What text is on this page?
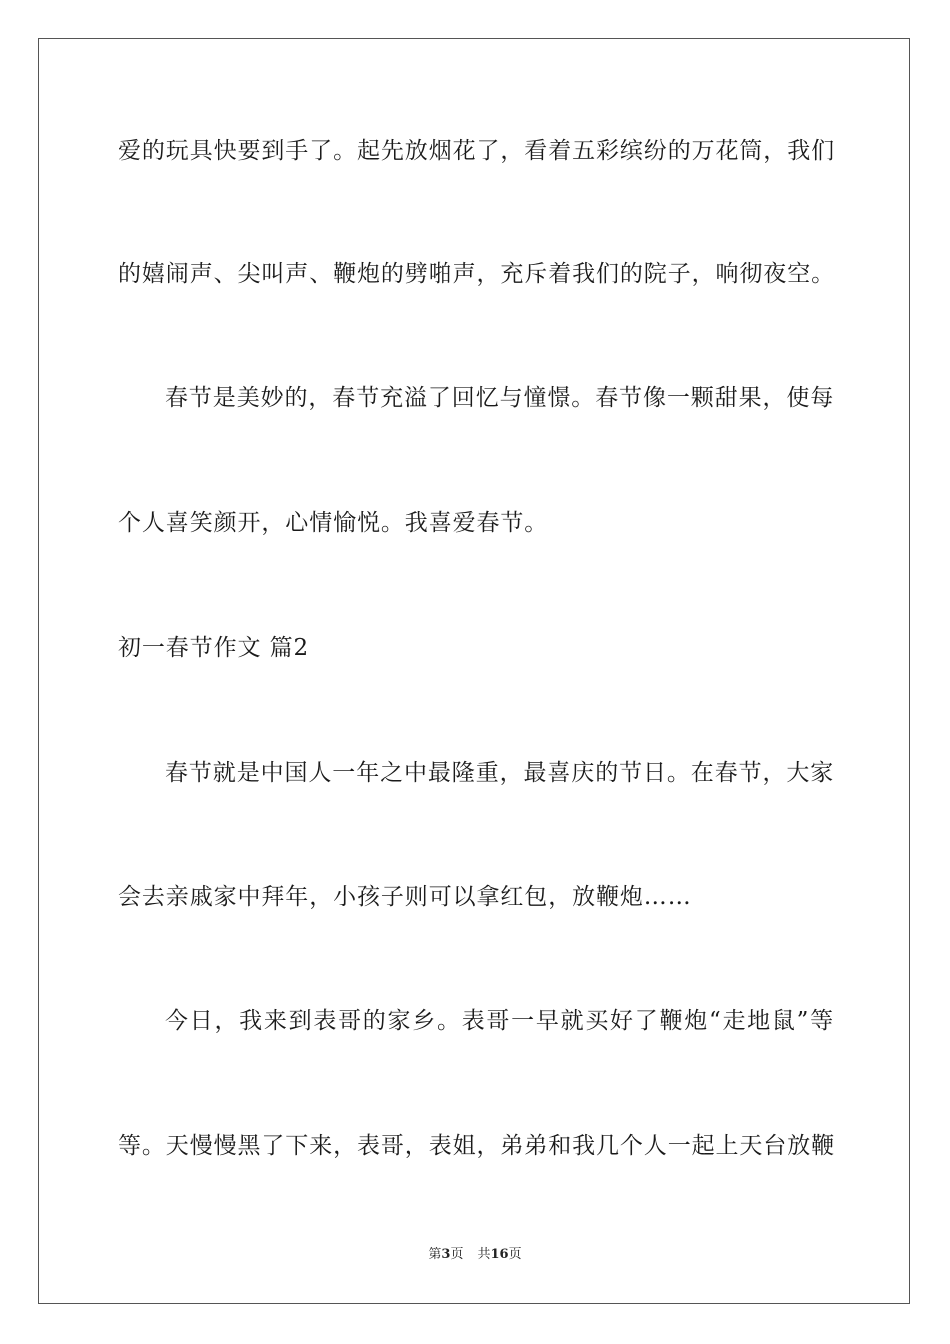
爱的玩具快要到手了。起先放烟花了，看着五彩缤纷的万花筒，我们
的嬉闹声、尖叫声、鞭炮的劈啪声，充斥着我们的院子，响彻夜空。
春节是美妙的，春节充溢了回忆与憧憬。春节像一颗甜果，使每
个人喜笑颜开，心情愉悦。我喜爱春节。
初一春节作文 篇2
春节就是中国人一年之中最隆重，最喜庆的节日。在春节，大家
会去亲戚家中拜年，小孩子则可以拿红包，放鞭炮……
今日，我来到表哥的家乡。表哥一早就买好了鞭炮“走地鼠”等
等。天慢慢黑了下来，表哥，表姐，弟弟和我几个人一起上天台放鞭
第3页 共16页
